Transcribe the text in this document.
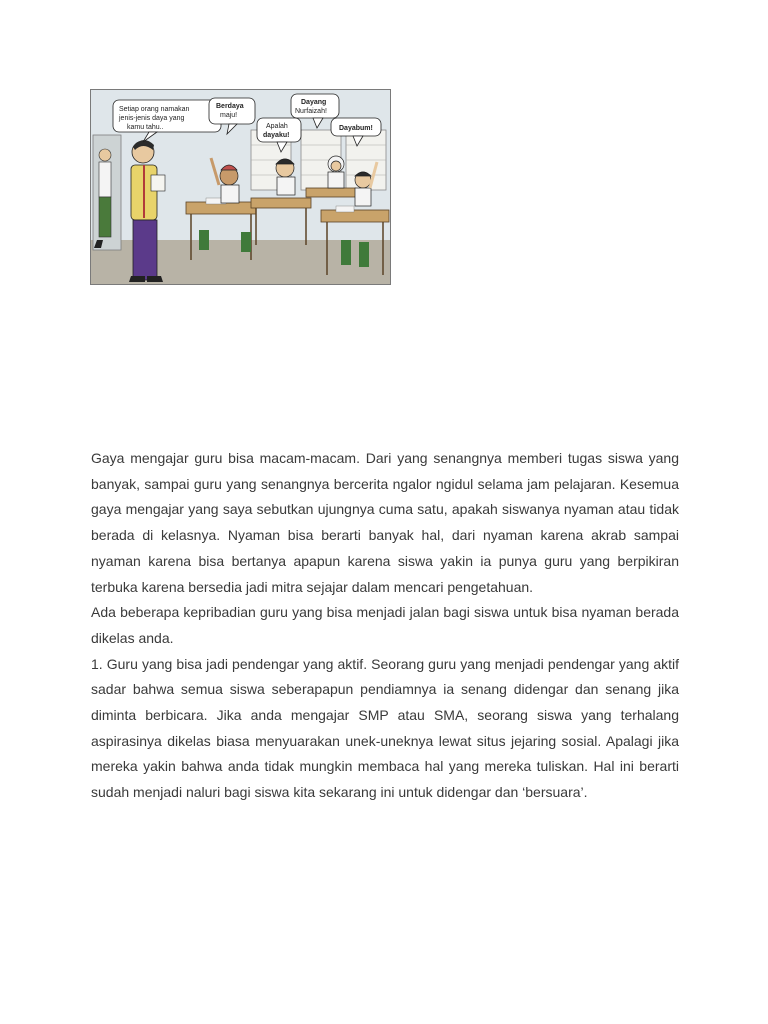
Setiap orang namakan
jenis-jenis daya yang
kamu tahu..
Berdaya
maju!
Apalah
dayaku!
Dayang
Nurfaizah!
Dayabum!

Gaya mengajar guru bisa macam-macam. Dari yang senangnya memberi tugas siswa yang banyak, sampai guru yang senangnya bercerita ngalor ngidul selama jam pelajaran. Kesemua gaya mengajar yang saya sebutkan ujungnya cuma satu, apakah siswanya nyaman atau tidak berada di kelasnya. Nyaman bisa berarti banyak hal, dari nyaman karena akrab sampai nyaman karena bisa bertanya apapun karena siswa yakin ia punya guru yang berpikiran terbuka karena bersedia jadi mitra sejajar dalam mencari pengetahuan.

Ada beberapa kepribadian guru yang bisa menjadi jalan bagi siswa untuk bisa nyaman berada dikelas anda.

1. Guru yang bisa jadi pendengar yang aktif. Seorang guru yang menjadi pendengar yang aktif sadar bahwa semua siswa seberapapun pendiamnya ia senang didengar dan senang jika diminta berbicara. Jika anda mengajar SMP atau SMA, seorang siswa yang terhalang aspirasinya dikelas biasa menyuarakan unek-uneknya lewat situs jejaring sosial. Apalagi jika mereka yakin bahwa anda tidak mungkin membaca hal yang mereka tuliskan. Hal ini berarti sudah menjadi naluri bagi siswa kita sekarang ini untuk didengar dan ‘bersuara’.
